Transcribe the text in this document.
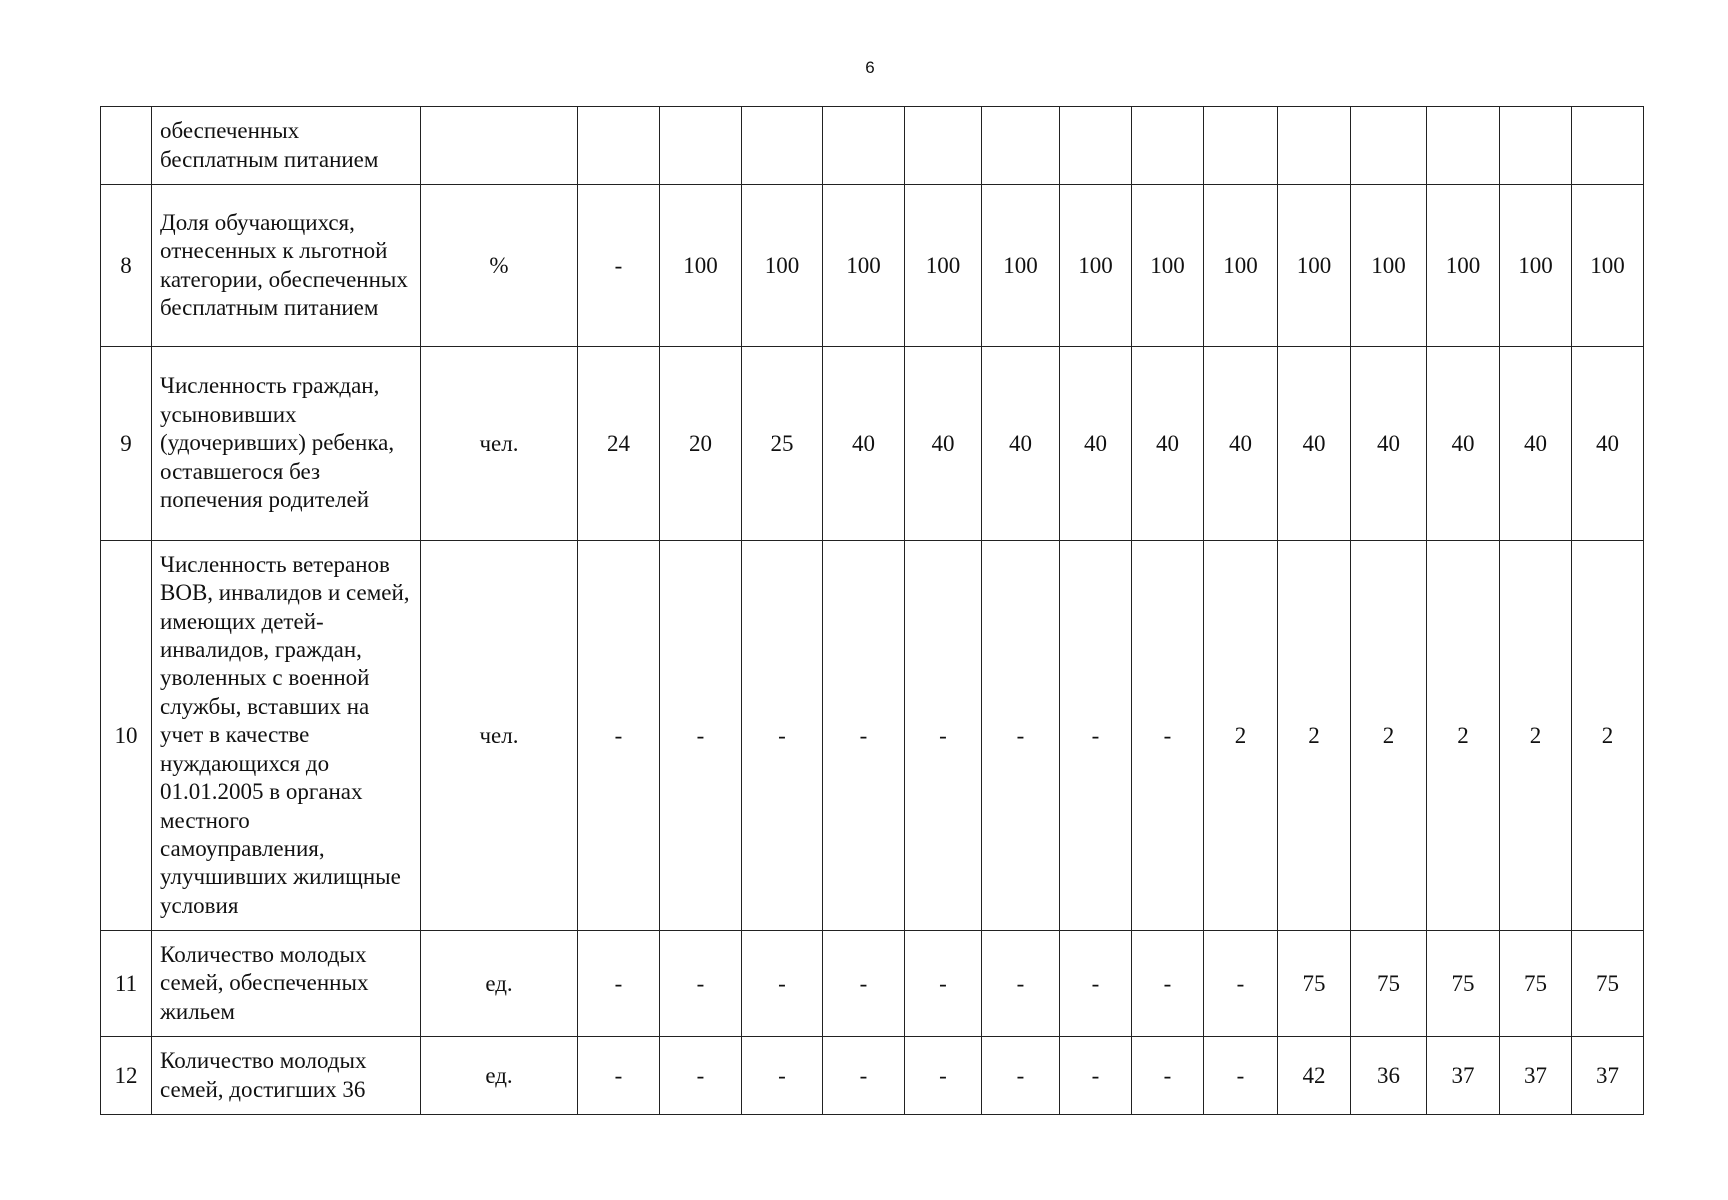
6
	обеспеченных бесплатным питанием															
8	Доля обучающихся, отнесенных к льготной категории, обеспеченных бесплатным питанием	%	-	100	100	100	100	100	100	100	100	100	100	100	100	100
9	Численность граждан, усыновивших (удочеривших) ребенка, оставшегося без попечения родителей	чел.	24	20	25	40	40	40	40	40	40	40	40	40	40	40
10	Численность ветеранов ВОВ, инвалидов и семей, имеющих детей-инвалидов, граждан, уволенных с военной службы, вставших на учет в качестве нуждающихся до 01.01.2005 в органах местного самоуправления, улучшивших жилищные условия	чел.	-	-	-	-	-	-	-	-	2	2	2	2	2	2
11	Количество молодых семей, обеспеченных жильем	ед.	-	-	-	-	-	-	-	-	-	75	75	75	75	75
12	Количество молодых семей, достигших 36	ед.	-	-	-	-	-	-	-	-	-	42	36	37	37	37
